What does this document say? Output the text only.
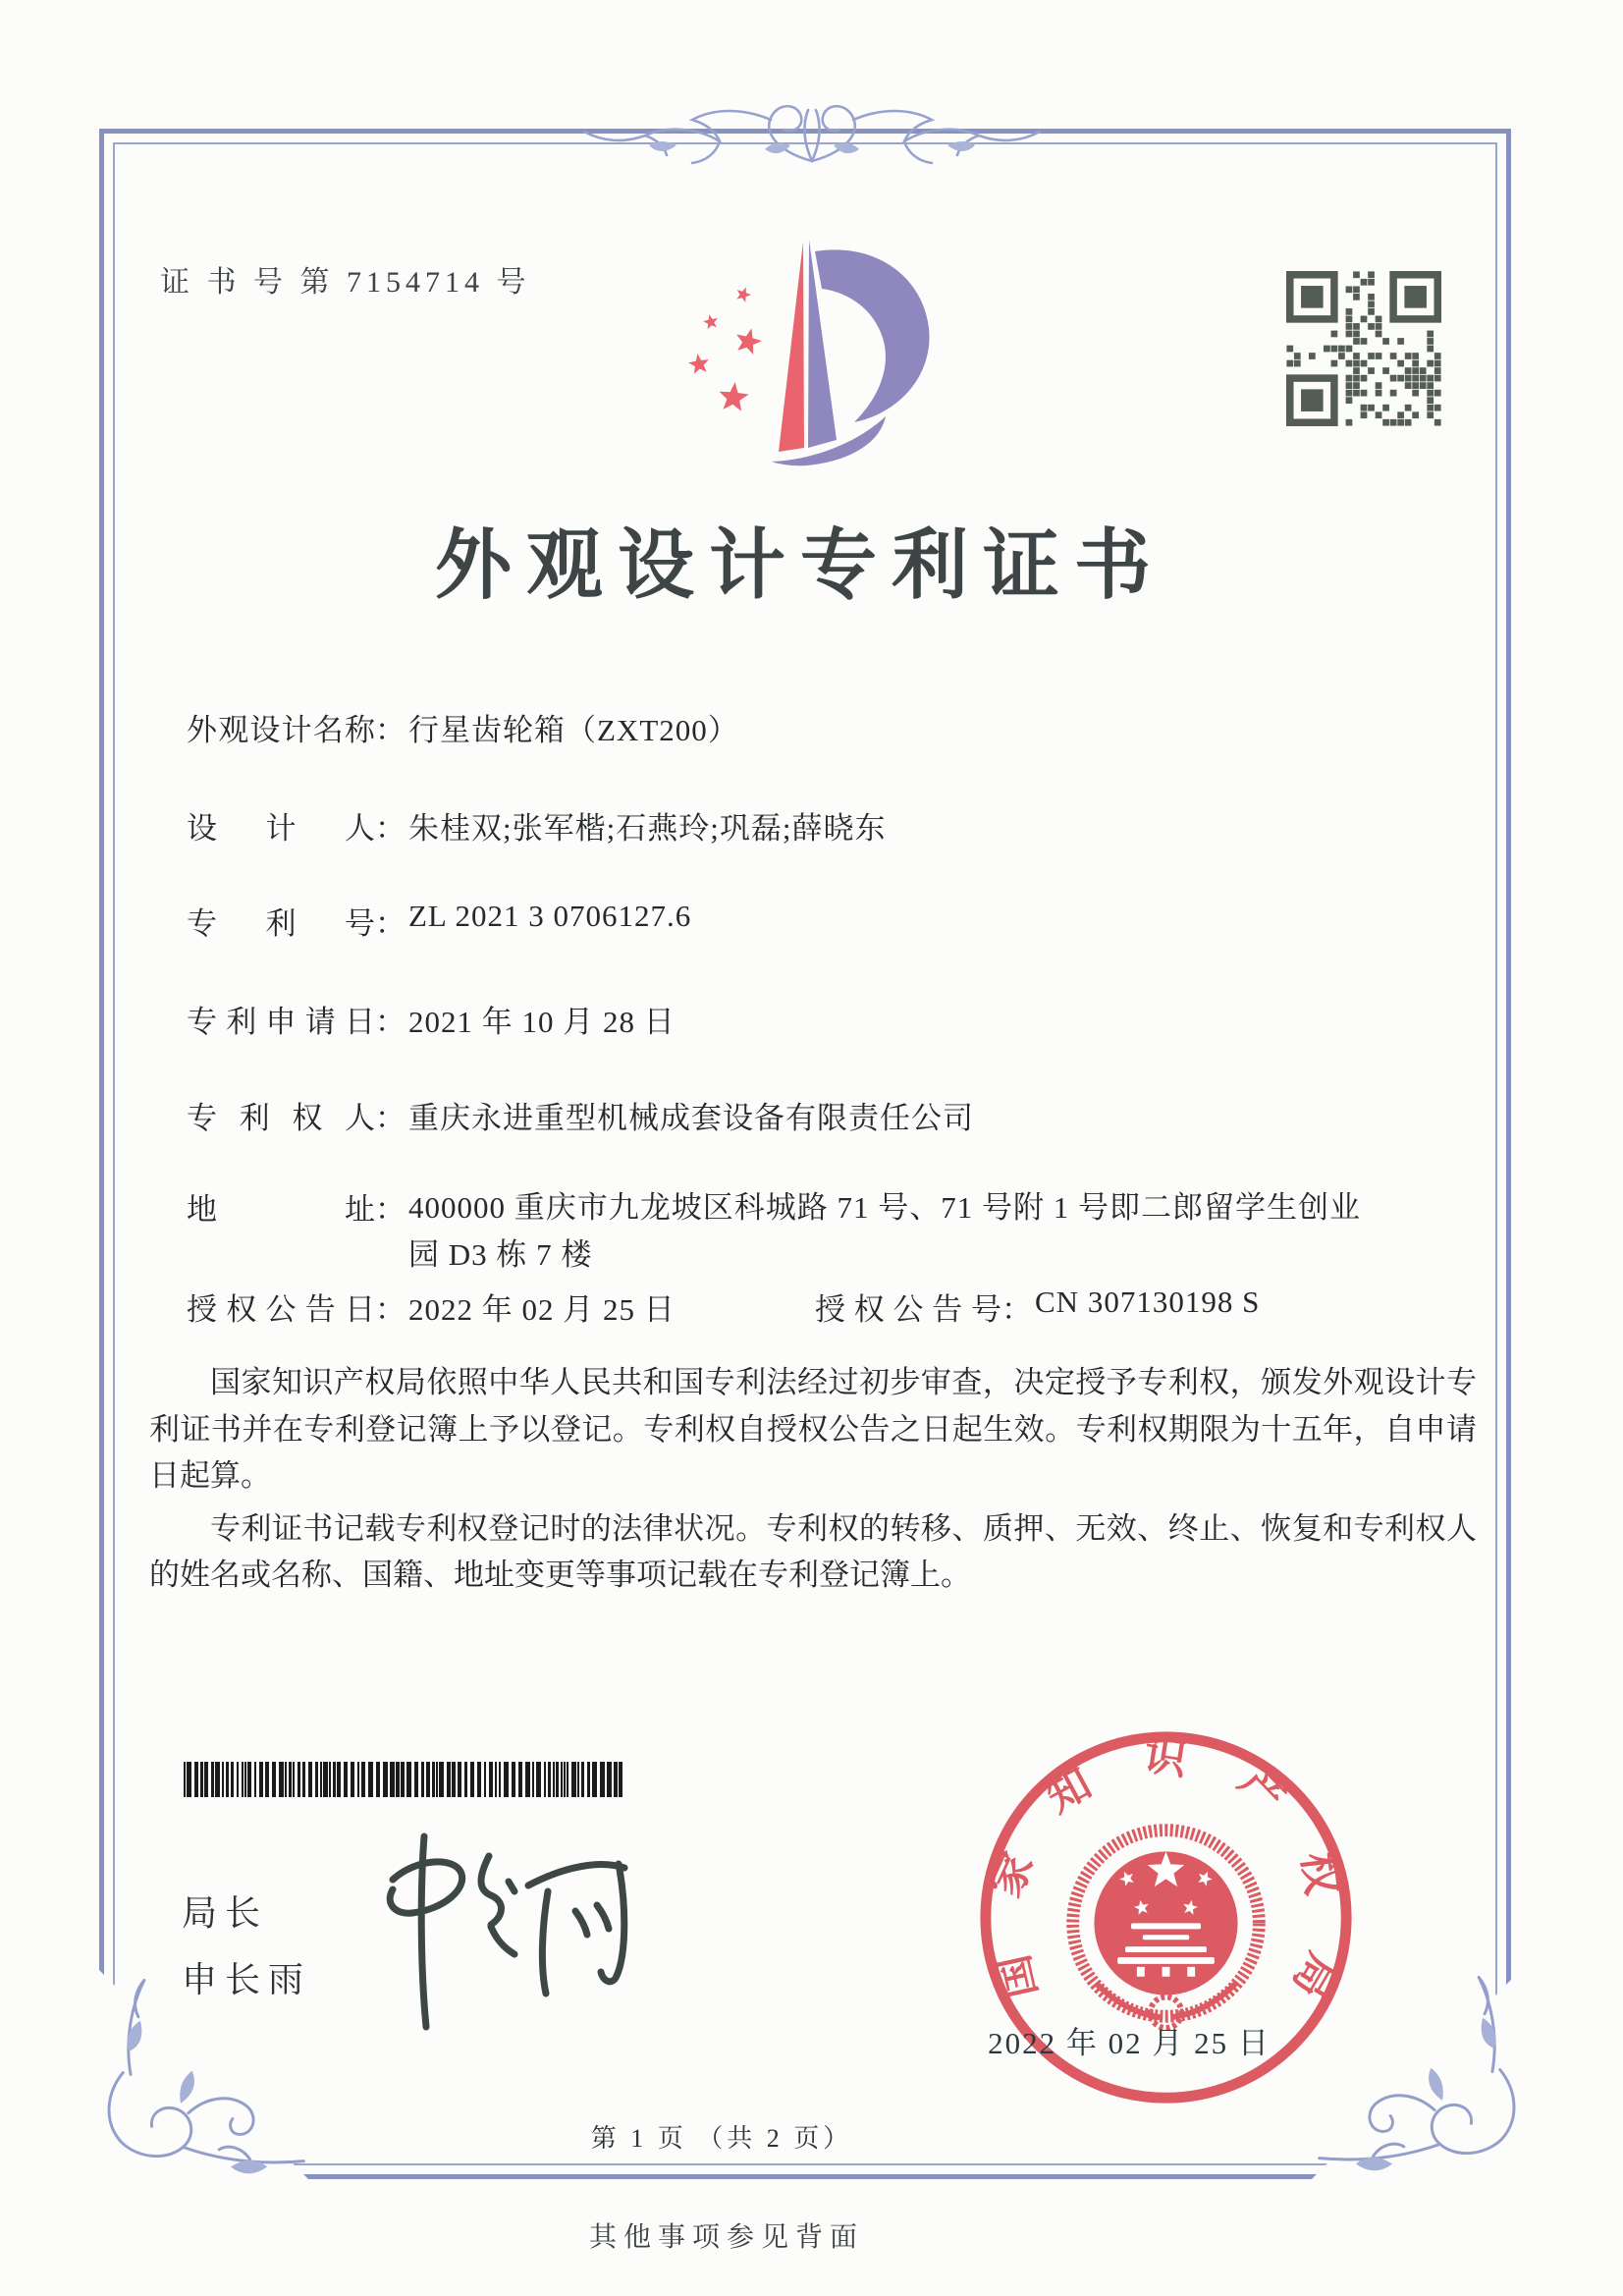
证 书 号 第 7154714 号
外观设计专利证书
外观设计名称：行星齿轮箱（ZXT200）
设计人：朱桂双;张军楷;石燕玲;巩磊;薛晓东
专利号：ZL 2021 3 0706127.6
专利申请日：2021 年 10 月 28 日
专利权人：重庆永进重型机械成套设备有限责任公司
地址：400000 重庆市九龙坡区科城路 71 号、71 号附 1 号即二郎留学生创业园 D3 栋 7 楼
授权公告日：2022 年 02 月 25 日	授权公告号：CN 307130198 S

国家知识产权局依照中华人民共和国专利法经过初步审查，决定授予专利权，颁发外观设计专利证书并在专利登记簿上予以登记。专利权自授权公告之日起生效。专利权期限为十五年，自申请日起算。

专利证书记载专利权登记时的法律状况。专利权的转移、质押、无效、终止、恢复和专利权人的姓名或名称、国籍、地址变更等事项记载在专利登记簿上。

局长
申长雨	国家知识产权局
2022 年 02 月 25 日
第 1 页 （共 2 页）
其他事项参见背面
